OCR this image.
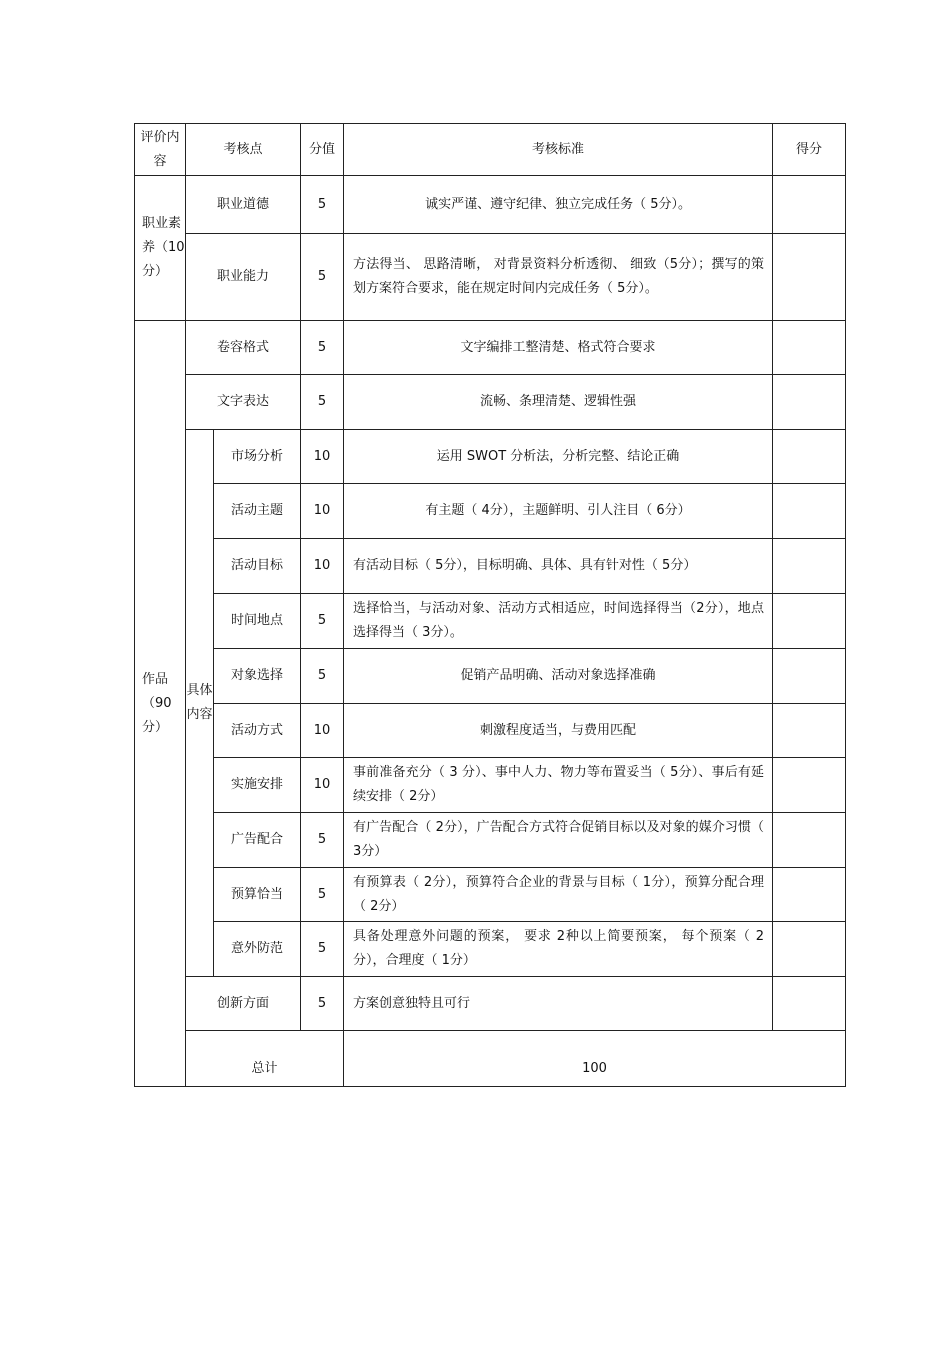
评价内容	考核点		分值	考核标准	得分	
职业素养（10分）	职业道德		5	诚实严谨、遵守纪律、独立完成任务（ 5分）。		
	职业能力		5	方法得当、 思路清晰， 对背景资料分析透彻、 细致（5分）；撰写的策划方案符合要求，能在规定时间内完成任务（ 5分）。		
作品（90分）	卷容格式		5	文字编排工整清楚、格式符合要求		
	文字表达		5	流畅、条理清楚、逻辑性强		
	具体内容	市场分析	10	运用 SWOT 分析法，分析完整、结论正确		
		活动主题	10	有主题（ 4分），主题鲜明、引人注目（ 6分）		
		活动目标	10	有活动目标（ 5分），目标明确、具体、具有针对性（ 5分）		
		时间地点	5	选择恰当，与活动对象、活动方式相适应，时间选择得当（2分），地点选择得当（ 3分）。		
		对象选择	5	促销产品明确、活动对象选择准确		
		活动方式	10	刺激程度适当，与费用匹配		
		实施安排	10	事前准备充分（ 3 分）、事中人力、物力等布置妥当（ 5分）、事后有延续安排（ 2分）		
		广告配合	5	有广告配合（ 2分），广告配合方式符合促销目标以及对象的媒介习惯（ 3分）		
		预算恰当	5	有预算表（ 2分），预算符合企业的背景与目标（ 1分），预算分配合理（ 2分）		
		意外防范	5	具备处理意外问题的预案， 要求 2种以上简要预案， 每个预案（ 2分），合理度（ 1分）		
	创新方面		5	方案创意独特且可行		
	总计			100		
